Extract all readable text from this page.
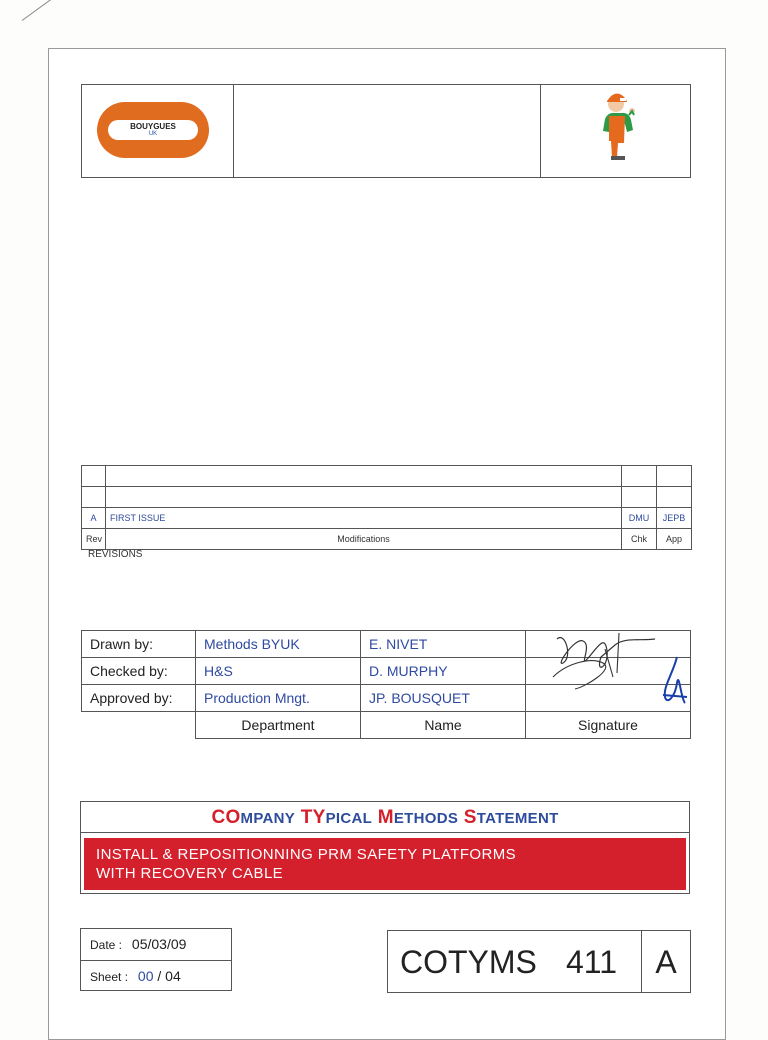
BOUYGUES
UK

A	FIRST ISSUE	DMU	JEPB
Rev	Modifications	Chk	App
REVISIONS
Drawn by:	Methods BYUK	E. NIVET	
Checked by:	H&S	D. MURPHY	
Approved by:	Production Mngt.	JP. BOUSQUET	
	Department	Name	Signature
COMPANY TYPICAL METHODS STATEMENT
INSTALL & REPOSITIONNING PRM SAFETY PLATFORMS
WITH RECOVERY CABLE
Date : 05/03/09
Sheet : 00 / 04	COTYMS 411	A
